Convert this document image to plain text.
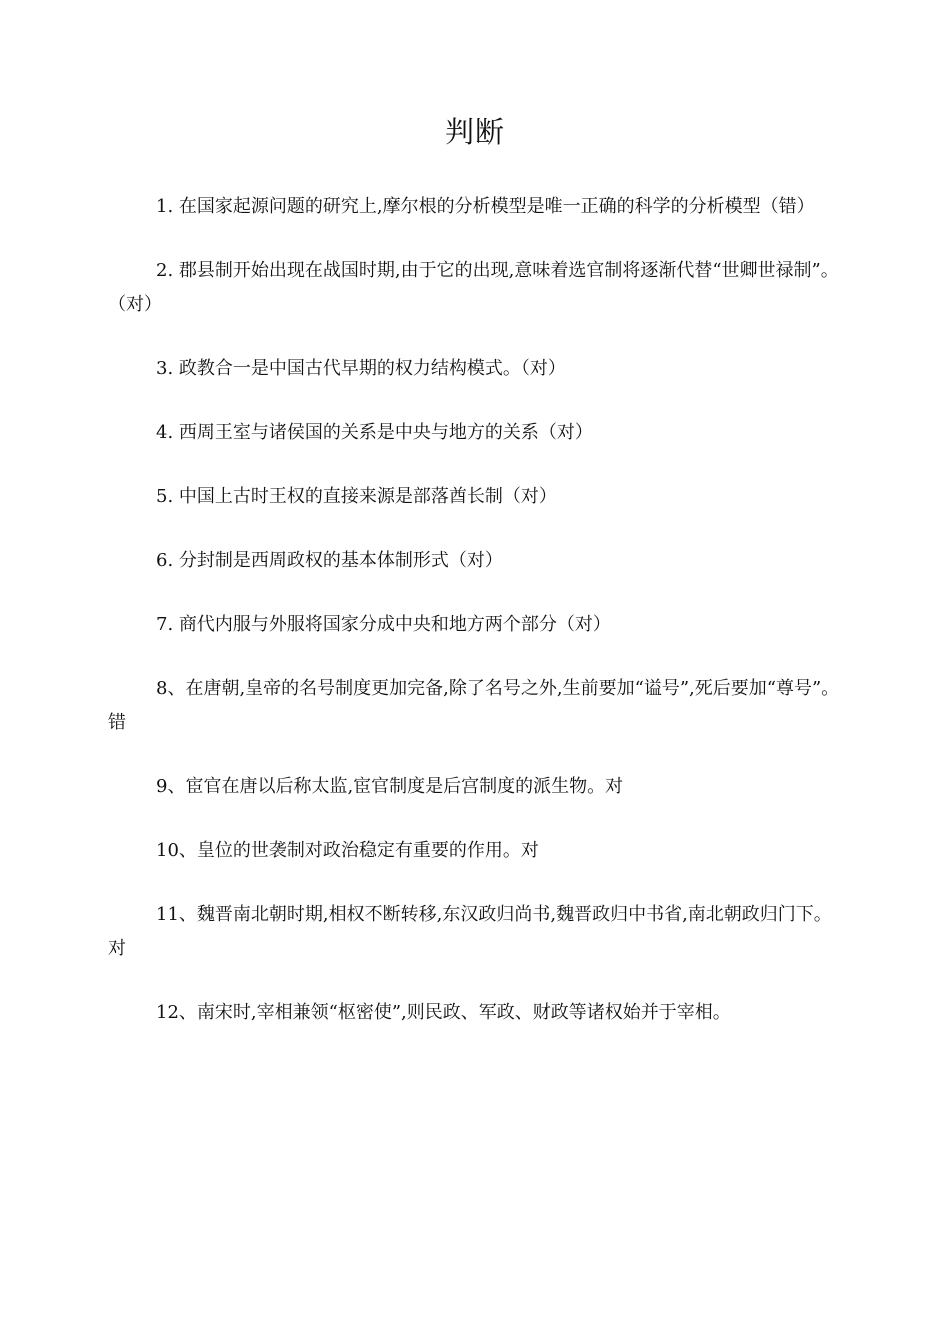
判断

1. 在国家起源问题的研究上,摩尔根的分析模型是唯一正确的科学的分析模型（错）

2. 郡县制开始出现在战国时期,由于它的出现,意味着选官制将逐渐代替“世卿世禄制”。（对）

3. 政教合一是中国古代早期的权力结构模式。（对）

4. 西周王室与诸侯国的关系是中央与地方的关系（对）

5. 中国上古时王权的直接来源是部落酋长制（对）

6. 分封制是西周政权的基本体制形式（对）

7. 商代内服与外服将国家分成中央和地方两个部分（对）

8、在唐朝,皇帝的名号制度更加完备,除了名号之外,生前要加“谥号”,死后要加“尊号”。错

9、宦官在唐以后称太监,宦官制度是后宫制度的派生物。对

10、皇位的世袭制对政治稳定有重要的作用。对

11、魏晋南北朝时期,相权不断转移,东汉政归尚书,魏晋政归中书省,南北朝政归门下。对

12、南宋时,宰相兼领“枢密使”,则民政、军政、财政等诸权始并于宰相。
